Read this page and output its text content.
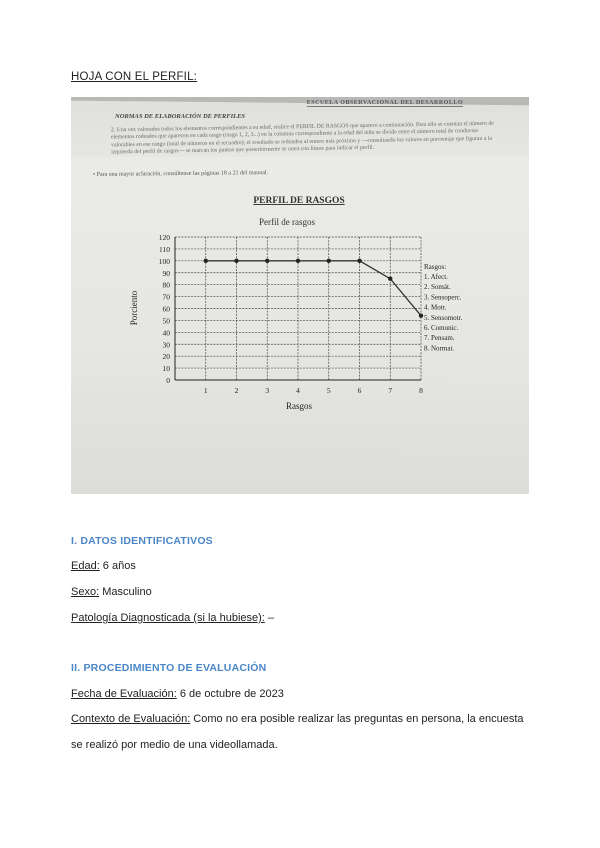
HOJA CON EL PERFIL:
ESCUELA OBSERVACIONAL DEL DESARROLLO
NORMAS DE ELABORACIÓN DE PERFILES
2. Una vez valorados todos los elementos correspondientes a su edad, realice el PERFIL DE RASGOS que aparece a continuación. Para ello se cuentan el número de elementos rodeados que aparecen en cada rasgo (rasgo 1, 2, 3...) en la columna correspondiente a la edad del niño se divide entre el número total de conductas valorables en ese rango (total de números en el recuadro); el resultado se redondea al entero más próximo y —consultando los valores en porcentaje que figuran a la izquierda del perfil de rasgos— se marcan los puntos que posteriormente se unen con líneas para indicar el perfil.
• Para una mayor aclaración, consúltense las páginas 18 a 21 del manual.
PERFIL DE RASGOS
Perfil de rasgos
0
10
20
30
40
50
60
70
80
90
100
110
120
1	2	3	4	5	6	7	8
Rasgos
Porciento
Rasgos:
1. Afect.
2. Somát.
3. Sensoperc.
4. Motr.
5. Sensomotr.
6. Comunic.
7. Pensam.
8. Normat.
I. DATOS IDENTIFICATIVOS
Edad: 6 años
Sexo: Masculino
Patología Diagnosticada (si la hubiese): –
II. PROCEDIMIENTO DE EVALUACIÓN
Fecha de Evaluación: 6 de octubre de 2023
Contexto de Evaluación: Como no era posible realizar las preguntas en persona, la encuesta
se realizó por medio de una videollamada.
